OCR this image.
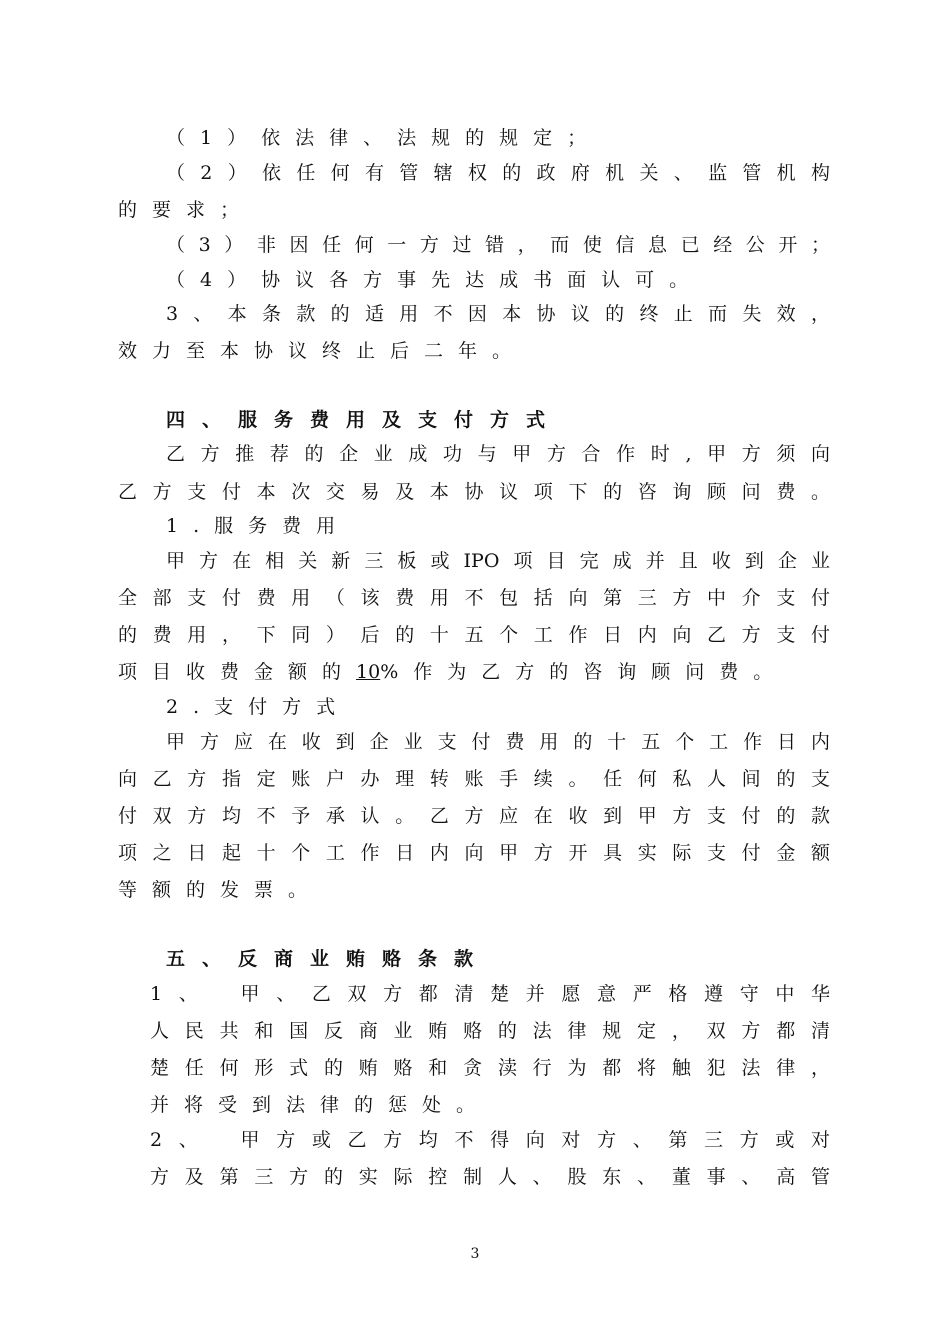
（1）依法律、法规的规定；
（2）依任何有管辖权的政府机关、监管机构
的要求；
（3）非因任何一方过错，而使信息已经公开；
（4）协议各方事先达成书面认可。
3、本条款的适用不因本协议的终止而失效，
效力至本协议终止后二年。
四、服务费用及支付方式
乙方推荐的企业成功与甲方合作时,甲方须向
乙方支付本次交易及本协议项下的咨询顾问费。
1.服务费用
甲方在相关新三板或IPO项目完成并且收到企业
全部支付费用（该费用不包括向第三方中介支付
的费用，下同）后的十五个工作日内向乙方支付
项目收费金额的10%作为乙方的咨询顾问费。
2.支付方式
甲方应在收到企业支付费用的十五个工作日内
向乙方指定账户办理转账手续。任何私人间的支
付双方均不予承认。乙方应在收到甲方支付的款
项之日起十个工作日内向甲方开具实际支付金额
等额的发票。
五、反商业贿赂条款
1、　甲、乙双方都清楚并愿意严格遵守中华
人民共和国反商业贿赂的法律规定，双方都清
楚任何形式的贿赂和贪渎行为都将触犯法律，
并将受到法律的惩处。
2、　甲方或乙方均不得向对方、第三方或对
方及第三方的实际控制人、股东、董事、高管
3
